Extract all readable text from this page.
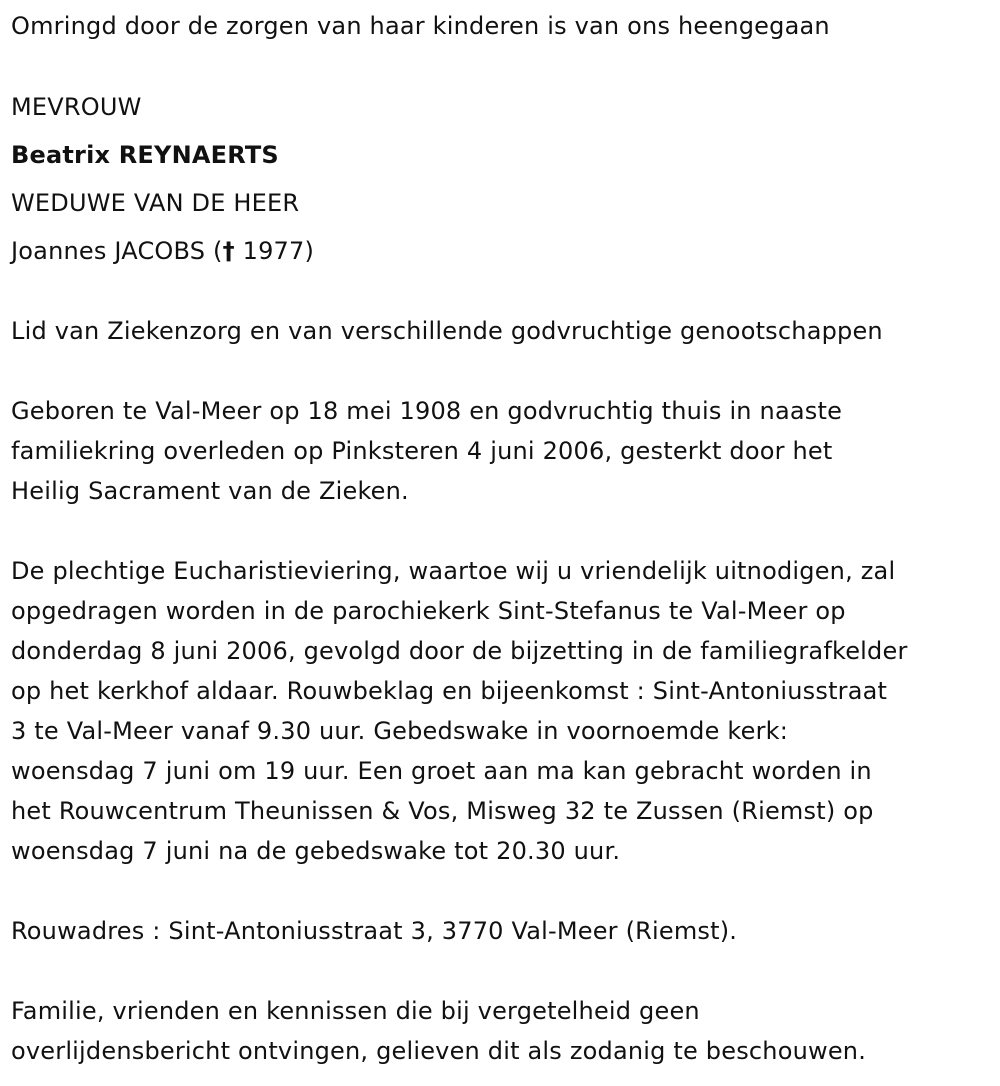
Omringd door de zorgen van haar kinderen is van ons heengegaan
MEVROUW
Beatrix REYNAERTS
WEDUWE VAN DE HEER
Joannes JACOBS († 1977)
Lid van Ziekenzorg en van verschillende godvruchtige genootschappen
Geboren te Val-Meer op 18 mei 1908 en godvruchtig thuis in naaste
familiekring overleden op Pinksteren 4 juni 2006, gesterkt door het
Heilig Sacrament van de Zieken.
De plechtige Eucharistieviering, waartoe wij u vriendelijk uitnodigen, zal
opgedragen worden in de parochiekerk Sint-Stefanus te Val-Meer op
donderdag 8 juni 2006, gevolgd door de bijzetting in de familiegrafkelder
op het kerkhof aldaar. Rouwbeklag en bijeenkomst : Sint-Antoniusstraat
3 te Val-Meer vanaf 9.30 uur. Gebedswake in voornoemde kerk:
woensdag 7 juni om 19 uur. Een groet aan ma kan gebracht worden in
het Rouwcentrum Theunissen & Vos, Misweg 32 te Zussen (Riemst) op
woensdag 7 juni na de gebedswake tot 20.30 uur.
Rouwadres : Sint-Antoniusstraat 3, 3770 Val-Meer (Riemst).
Familie, vrienden en kennissen die bij vergetelheid geen
overlijdensbericht ontvingen, gelieven dit als zodanig te beschouwen.
